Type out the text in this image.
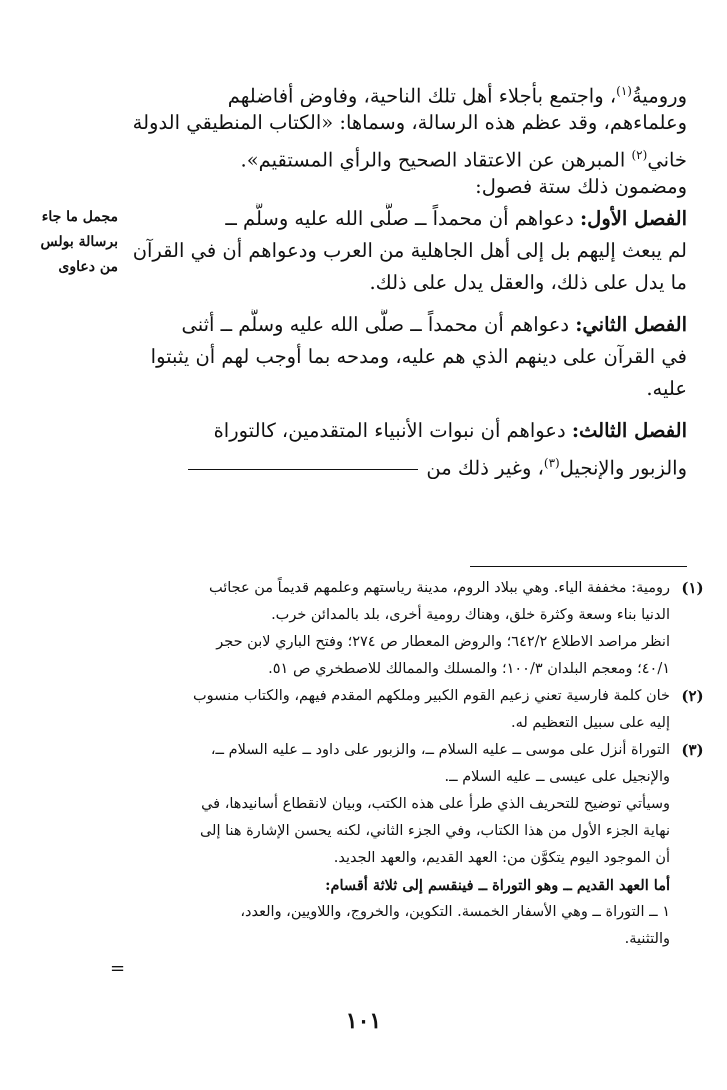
وروميةُ$^{(١)}$، واجتمع بأجلاء أهل تلك الناحية، وفاوض أفاضلهم
وعلماءهم، وقد عظم هذه الرسالة، وسماها: «الكتاب المنطيقي الدولة
خاني$^{(٢)}$ المبرهن عن الاعتقاد الصحيح والرأي المستقيم».
ومضمون ذلك ستة فصول:
الفصل الأول: دعواهم أن محمداً ــ صلَّى الله عليه وسلَّم ــ
لم يبعث إليهم بل إلى أهل الجاهلية من العرب ودعواهم أن في القرآن
ما يدل على ذلك، والعقل يدل على ذلك.
الفصل الثاني: دعواهم أن محمداً ــ صلَّى الله عليه وسلَّم ــ أثنى
في القرآن على دينهم الذي هم عليه، ومدحه بما أوجب لهم أن يثبتوا
عليه.
الفصل الثالث: دعواهم أن نبوات الأنبياء المتقدمين، كالتوراة
والزبور والإنجيل$^{(٣)}$، وغير ذلك من
مجمل ما جاء
برسالة بولس
من دعاوى
(١)
رومية: مخففة الياء. وهي ببلاد الروم، مدينة رياستهم وعلمهم قديماً من عجائب
الدنيا بناء وسعة وكثرة خلق، وهناك رومية أخرى، بلد بالمدائن خرب.
انظر مراصد الاطلاع ٦٤٢/٢؛ والروض المعطار ص ٢٧٤؛ وفتح الباري لابن حجر
٤٠/١؛ ومعجم البلدان ١٠٠/٣؛ والمسلك والممالك للاصطخري ص ٥١.
(٢)
خان كلمة فارسية تعني زعيم القوم الكبير وملكهم المقدم فيهم، والكتاب منسوب
إليه على سبيل التعظيم له.
(٣)
التوراة أنزل على موسى ــ عليه السلام ــ، والزبور على داود ــ عليه السلام ــ،
والإنجيل على عيسى ــ عليه السلام ــ.
وسيأتي توضيح للتحريف الذي طرأ على هذه الكتب، وبيان لانقطاع أسانيدها، في
نهاية الجزء الأول من هذا الكتاب، وفي الجزء الثاني، لكنه يحسن الإشارة هنا إلى
أن الموجود اليوم يتكوَّن من: العهد القديم، والعهد الجديد.
أما العهد القديم ــ وهو التوراة ــ فينقسم إلى ثلاثة أقسام:
١ ــ التوراة ــ وهي الأسفار الخمسة. التكوين، والخروج، واللاويين، والعدد،
والتثنية.
=
١٠١
